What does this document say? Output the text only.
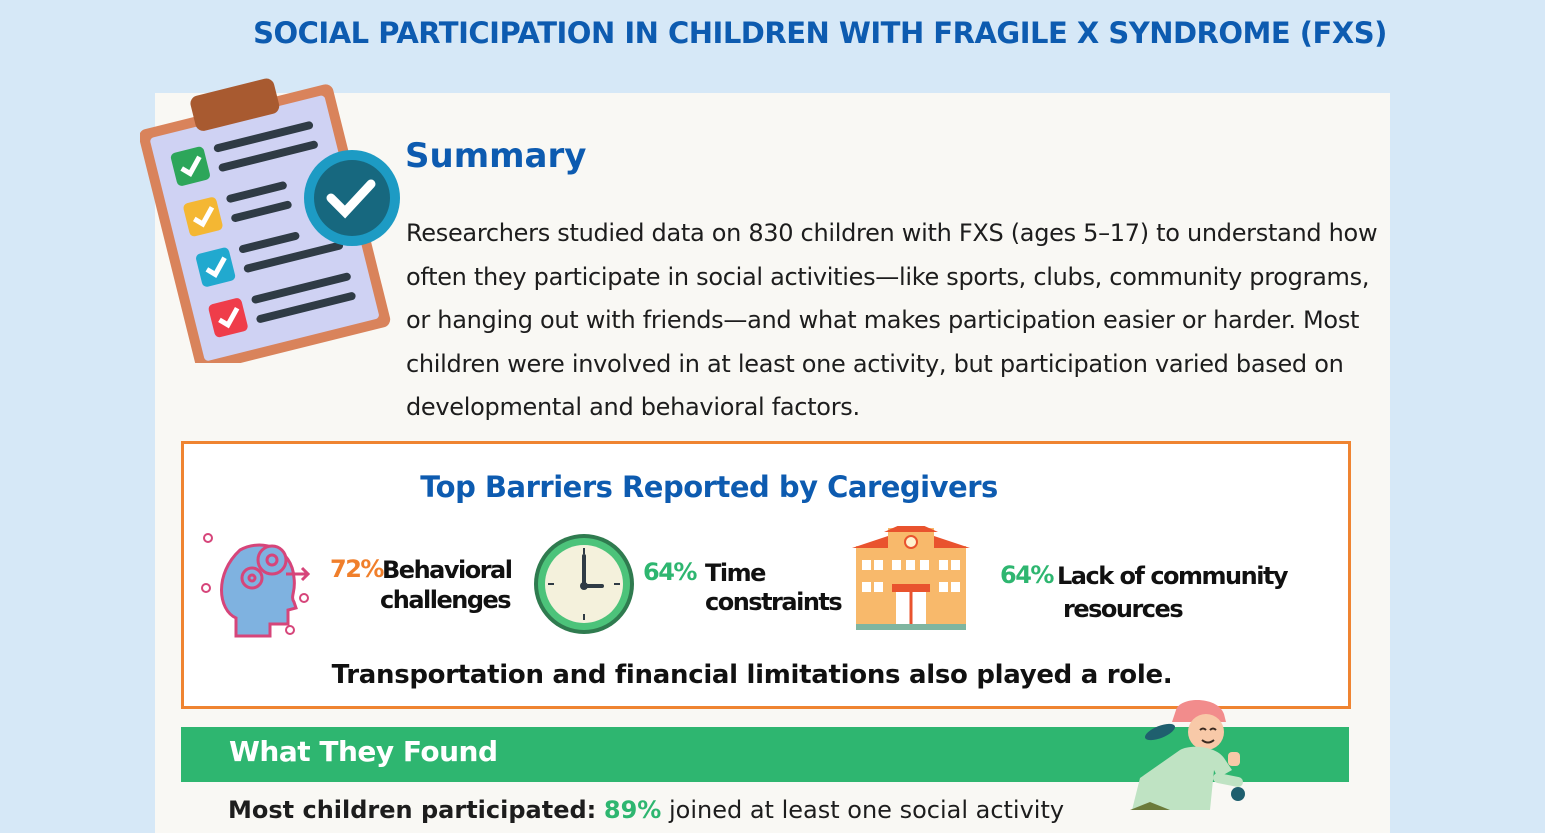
SOCIAL PARTICIPATION IN CHILDREN WITH FRAGILE X SYNDROME (FXS)
Summary
Researchers studied data on 830 children with FXS (ages 5–17) to understand how often they participate in social activities—like sports, clubs, community programs, or hanging out with friends—and what makes participation easier or harder. Most children were involved in at least one activity, but participation varied based on developmental and behavioral factors.
Top Barriers Reported by Caregivers
72% Behavioral
challenges
64% Time
constraints
64% Lack of community
resources
Transportation and financial limitations also played a role.
What They Found
Most children participated: 89% joined at least one social activity
